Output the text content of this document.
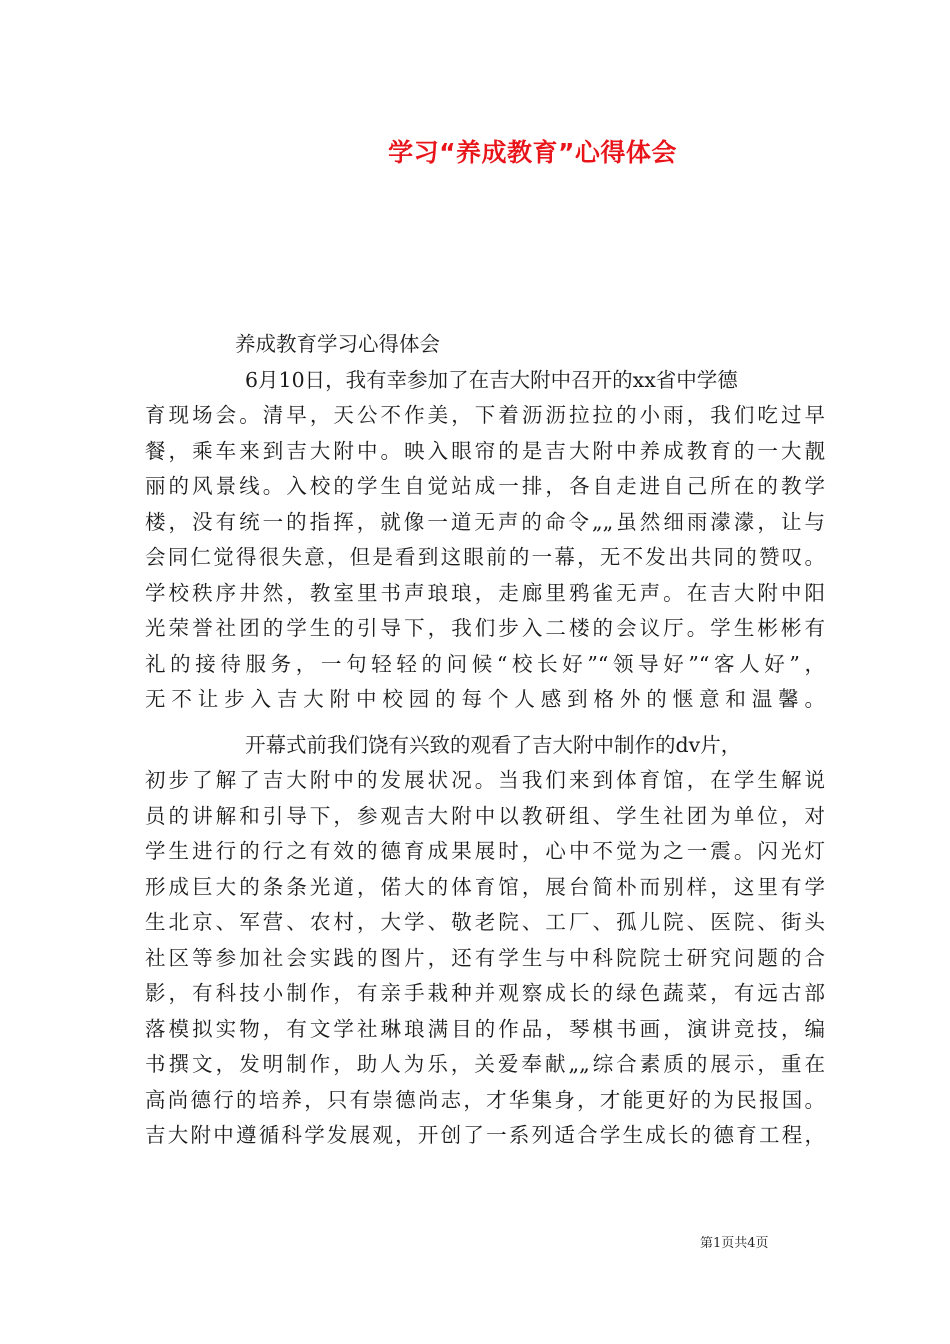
学习“养成教育”心得体会
养成教育学习心得体会
6月10日，我有幸参加了在吉大附中召开的xx省中学德
育现场会。清早，天公不作美，下着沥沥拉拉的小雨，我们吃过早
餐，乘车来到吉大附中。映入眼帘的是吉大附中养成教育的一大靓
丽的风景线。入校的学生自觉站成一排，各自走进自己所在的教学
楼，没有统一的指挥，就像一道无声的命令„„虽然细雨濛濛，让与
会同仁觉得很失意，但是看到这眼前的一幕，无不发出共同的赞叹。
学校秩序井然，教室里书声琅琅，走廊里鸦雀无声。在吉大附中阳
光荣誉社团的学生的引导下，我们步入二楼的会议厅。学生彬彬有
礼的接待服务，一句轻轻的问候“校长好”“领导好”“客人好”，
无不让步入吉大附中校园的每个人感到格外的惬意和温馨。
开幕式前我们饶有兴致的观看了吉大附中制作的dv片，
初步了解了吉大附中的发展状况。当我们来到体育馆，在学生解说
员的讲解和引导下，参观吉大附中以教研组、学生社团为单位，对
学生进行的行之有效的德育成果展时，心中不觉为之一震。闪光灯
形成巨大的条条光道，偌大的体育馆，展台简朴而别样，这里有学
生北京、军营、农村，大学、敬老院、工厂、孤儿院、医院、街头
社区等参加社会实践的图片，还有学生与中科院院士研究问题的合
影，有科技小制作，有亲手栽种并观察成长的绿色蔬菜，有远古部
落模拟实物，有文学社琳琅满目的作品，琴棋书画，演讲竞技，编
书撰文，发明制作，助人为乐，关爱奉献„„综合素质的展示，重在
高尚德行的培养，只有崇德尚志，才华集身，才能更好的为民报国。
吉大附中遵循科学发展观，开创了一系列适合学生成长的德育工程，
第1页共4页
